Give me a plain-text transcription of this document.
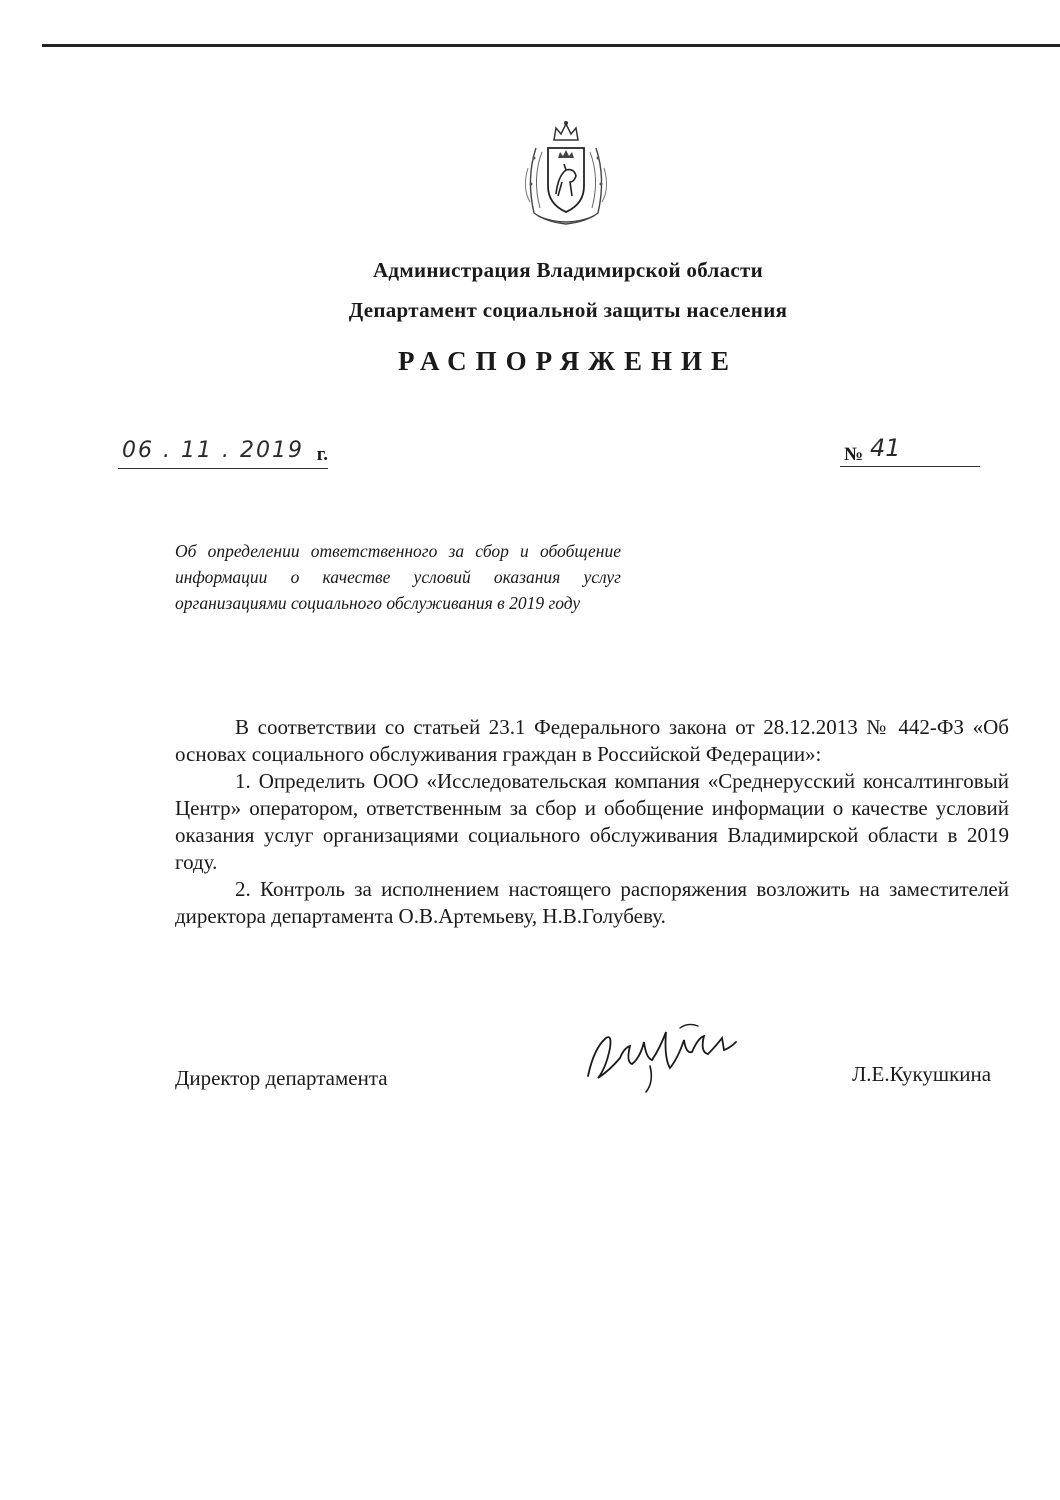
Администрация Владимирской области
Департамент социальной защиты населения
РАСПОРЯЖЕНИЕ
06 . 11 . 2019 г.	№ 41
Об определении ответственного за сбор и обобщение информации о качестве условий оказания услуг организациями социального обслуживания в 2019 году

В соответствии со статьей 23.1 Федерального закона от 28.12.2013 № 442-ФЗ «Об основах социального обслуживания граждан в Российской Федерации»:

1. Определить ООО «Исследовательская компания «Среднерусский консалтинговый Центр» оператором, ответственным за сбор и обобщение информации о качестве условий оказания услуг организациями социального обслуживания Владимирской области в 2019 году.

2. Контроль за исполнением настоящего распоряжения возложить на заместителей директора департамента О.В.Артемьеву, Н.В.Голубеву.

Директор департамента	Л.Е.Кукушкина
